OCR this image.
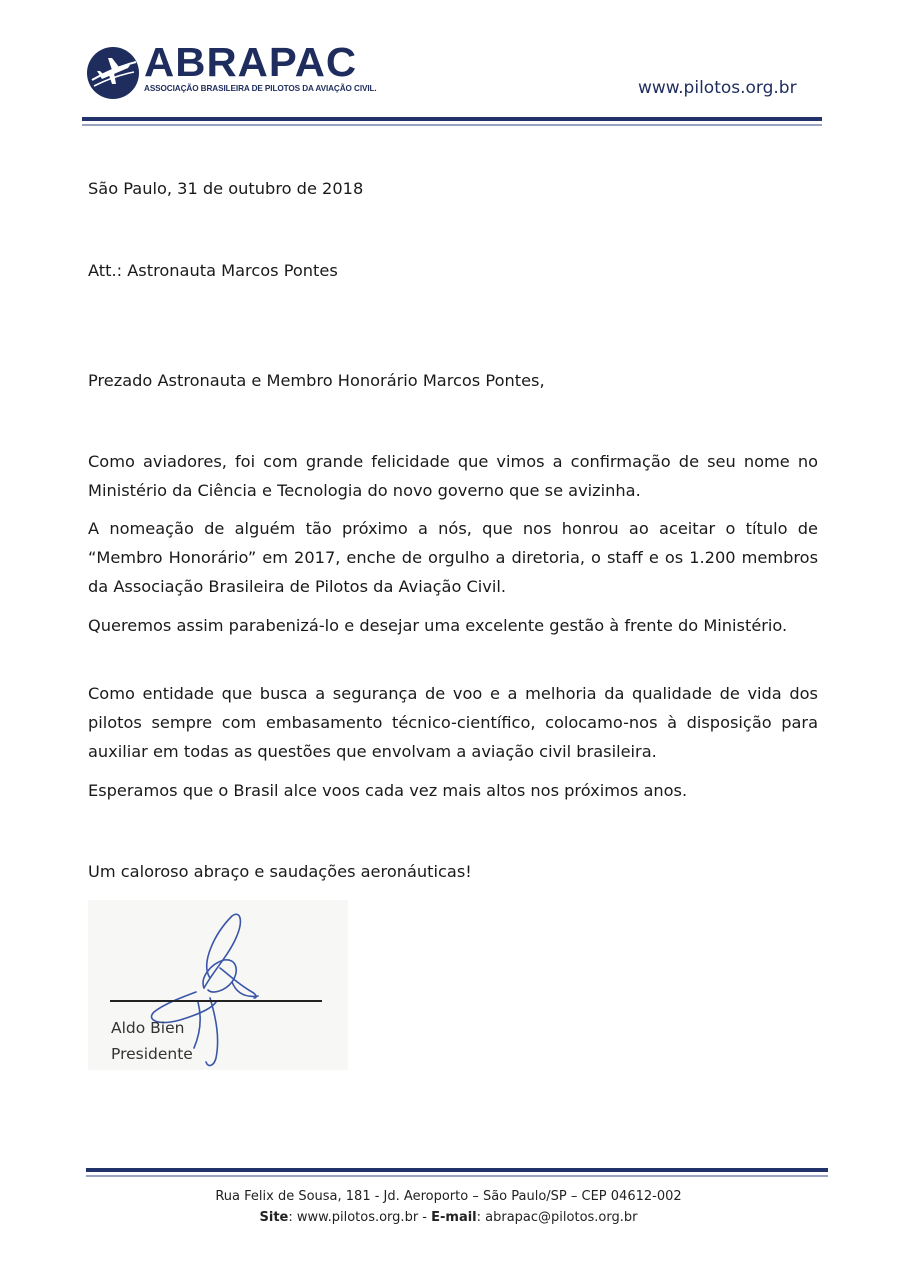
ABRAPAC
ASSOCIAÇÃO BRASILEIRA DE PILOTOS DA AVIAÇÃO CIVIL.	www.pilotos.org.br
São Paulo, 31 de outubro de 2018
Att.: Astronauta Marcos Pontes
Prezado Astronauta e Membro Honorário Marcos Pontes,
Como aviadores, foi com grande felicidade que vimos a confirmação de seu nome no Ministério da Ciência e Tecnologia do novo governo que se avizinha.
A nomeação de alguém tão próximo a nós, que nos honrou ao aceitar o título de “Membro Honorário” em 2017, enche de orgulho a diretoria, o staff e os 1.200 membros da Associação Brasileira de Pilotos da Aviação Civil.
Queremos assim parabenizá-lo e desejar uma excelente gestão à frente do Ministério.
Como entidade que busca a segurança de voo e a melhoria da qualidade de vida dos pilotos sempre com embasamento técnico-científico, colocamo-nos à disposição para auxiliar em todas as questões que envolvam a aviação civil brasileira.
Esperamos que o Brasil alce voos cada vez mais altos nos próximos anos.
Um caloroso abraço e saudações aeronáuticas!
Aldo Bien
Presidente
Rua Felix de Sousa, 181 - Jd. Aeroporto – São Paulo/SP – CEP 04612-002
Site: www.pilotos.org.br - E-mail: abrapac@pilotos.org.br
